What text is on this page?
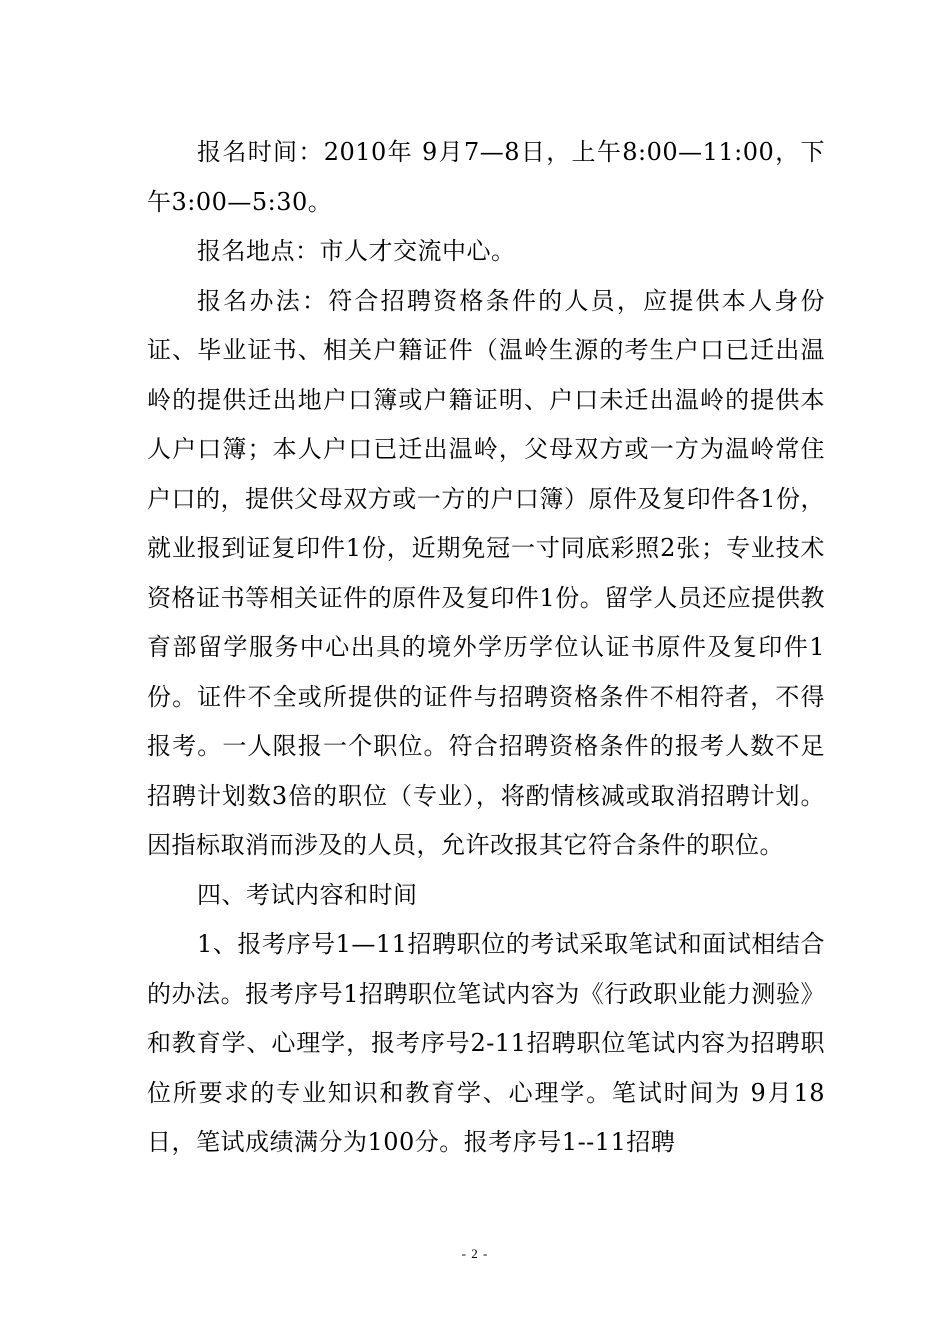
报名时间：2010年 9月7—8日，上午8:00—11:00，下午3:00—5:30。

报名地点：市人才交流中心。

报名办法：符合招聘资格条件的人员，应提供本人身份证、毕业证书、相关户籍证件（温岭生源的考生户口已迁出温岭的提供迁出地户口簿或户籍证明、户口未迁出温岭的提供本人户口簿；本人户口已迁出温岭，父母双方或一方为温岭常住户口的，提供父母双方或一方的户口簿）原件及复印件各1份，就业报到证复印件1份，近期免冠一寸同底彩照2张；专业技术资格证书等相关证件的原件及复印件1份。留学人员还应提供教育部留学服务中心出具的境外学历学位认证书原件及复印件1份。证件不全或所提供的证件与招聘资格条件不相符者，不得报考。一人限报一个职位。符合招聘资格条件的报考人数不足招聘计划数3倍的职位（专业），将酌情核减或取消招聘计划。因指标取消而涉及的人员，允许改报其它符合条件的职位。

四、考试内容和时间

1、报考序号1—11招聘职位的考试采取笔试和面试相结合的办法。报考序号1招聘职位笔试内容为《行政职业能力测验》和教育学、心理学，报考序号2-11招聘职位笔试内容为招聘职位所要求的专业知识和教育学、心理学。笔试时间为 9月18日，笔试成绩满分为100分。报考序号1--11招聘

- 2 -
